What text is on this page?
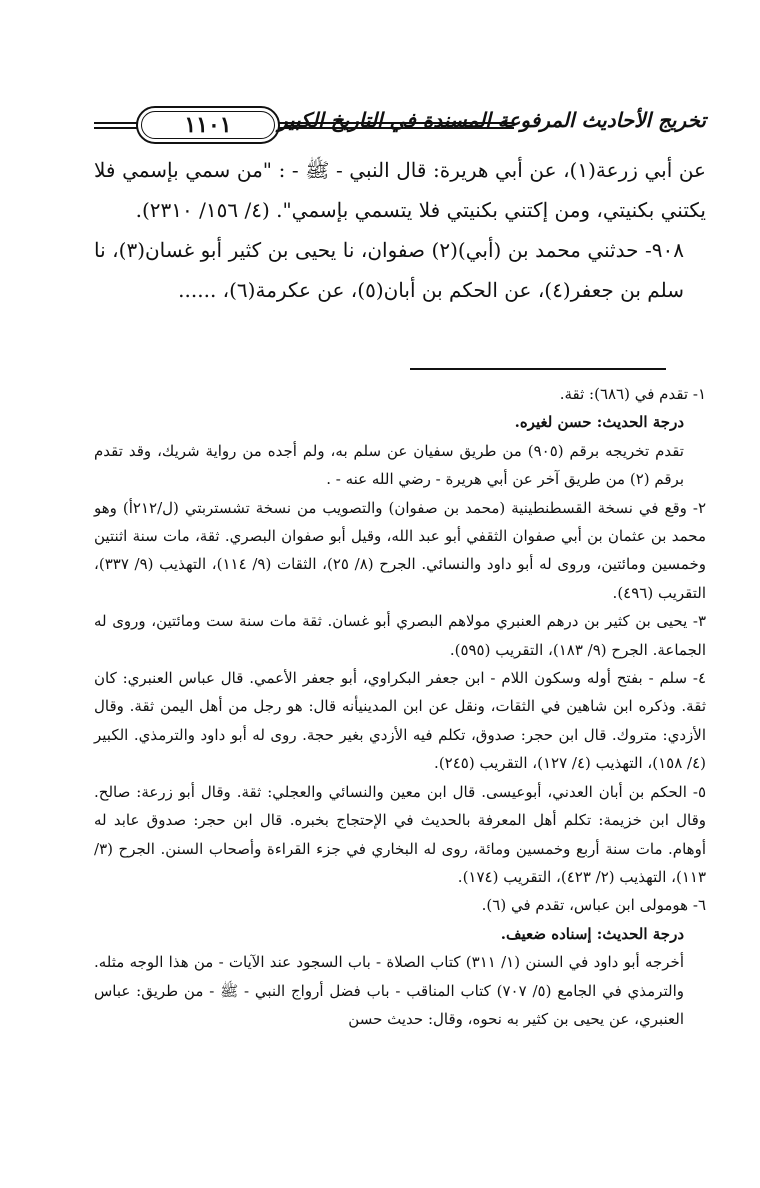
١١٠١ تخريج الأحاديث المرفوعة المسندة في التاريخ الكبير

عن أبي زرعة(١)، عن أبي هريرة: قال النبي - ﷺ - : "من سمي بإسمي فلا يكتني بكنيتي، ومن إكتني بكنيتي فلا يتسمي بإسمي". (٤/ ١٥٦/ ٢٣١٠).

٩٠٨- حدثني محمد بن (أبي)(٢) صفوان، نا يحيى بن كثير أبو غسان(٣)، نا سلم بن جعفر(٤)، عن الحكم بن أبان(٥)، عن عكرمة(٦)، ......

١- تقدم في (٦٨٦): ثقة.

درجة الحديث: حسن لغيره.

تقدم تخريجه برقم (٩٠٥) من طريق سفيان عن سلم به، ولم أجده من رواية شريك، وقد تقدم برقم (٢) من طريق آخر عن أبي هريرة - رضي الله عنه - .

٢- وقع في نسخة القسطنطينية (محمد بن صفوان) والتصويب من نسخة تشستربتي (ل/٢١٢أ) وهو محمد بن عثمان بن أبي صفوان الثقفي أبو عبد الله، وقيل أبو صفوان البصري. ثقة، مات سنة اثنتين وخمسين ومائتين، وروى له أبو داود والنسائي. الجرح (٨/ ٢٥)، الثقات (٩/ ١١٤)، التهذيب (٩/ ٣٣٧)، التقريب (٤٩٦).

٣- يحيى بن كثير بن درهم العنبري مولاهم البصري أبو غسان. ثقة مات سنة ست ومائتين، وروى له الجماعة. الجرح (٩/ ١٨٣)، التقريب (٥٩٥).

٤- سلم - بفتح أوله وسكون اللام - ابن جعفر البكراوي، أبو جعفر الأعمي. قال عباس العنبري: كان ثقة. وذكره ابن شاهين في الثقات، ونقل عن ابن المدينيأنه قال: هو رجل من أهل اليمن ثقة. وقال الأزدي: متروك. قال ابن حجر: صدوق، تكلم فيه الأزدي بغير حجة. روى له أبو داود والترمذي. الكبير (٤/ ١٥٨)، التهذيب (٤/ ١٢٧)، التقريب (٢٤٥).

٥- الحكم بن أبان العدني، أبوعيسى. قال ابن معين والنسائي والعجلي: ثقة. وقال أبو زرعة: صالح. وقال ابن خزيمة: تكلم أهل المعرفة بالحديث في الإحتجاج بخبره. قال ابن حجر: صدوق عابد له أوهام. مات سنة أربع وخمسين ومائة، روى له البخاري في جزء القراءة وأصحاب السنن. الجرح (٣/ ١١٣)، التهذيب (٢/ ٤٢٣)، التقريب (١٧٤).

٦- هومولى ابن عباس، تقدم في (٦).

درجة الحديث: إسناده ضعيف.

أخرجه أبو داود في السنن (١/ ٣١١) كتاب الصلاة - باب السجود عند الآيات - من هذا الوجه مثله. والترمذي في الجامع (٥/ ٧٠٧) كتاب المناقب - باب فضل أرواج النبي - ﷺ - من طريق: عباس العنبري، عن يحيى بن كثير به نحوه، وقال: حديث حسن
